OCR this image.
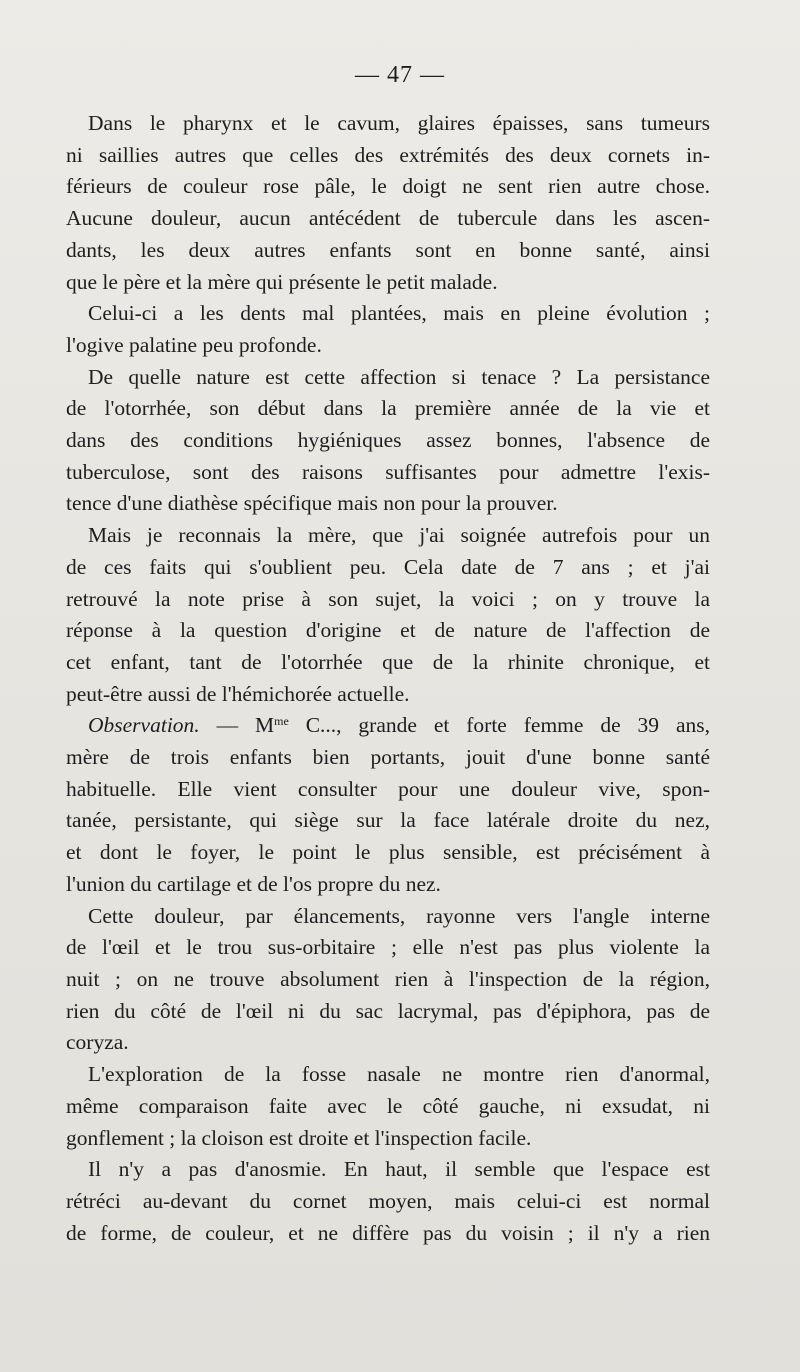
— 47 —
Dans le pharynx et le cavum, glaires épaisses, sans tumeurs
ni saillies autres que celles des extrémités des deux cornets in-
férieurs de couleur rose pâle, le doigt ne sent rien autre chose.
Aucune douleur, aucun antécédent de tubercule dans les ascen-
dants, les deux autres enfants sont en bonne santé, ainsi
que le père et la mère qui présente le petit malade.
Celui-ci a les dents mal plantées, mais en pleine évolution ;
l'ogive palatine peu profonde.
De quelle nature est cette affection si tenace ? La persistance
de l'otorrhée, son début dans la première année de la vie et
dans des conditions hygiéniques assez bonnes, l'absence de
tuberculose, sont des raisons suffisantes pour admettre l'exis-
tence d'une diathèse spécifique mais non pour la prouver.
Mais je reconnais la mère, que j'ai soignée autrefois pour un
de ces faits qui s'oublient peu. Cela date de 7 ans ; et j'ai
retrouvé la note prise à son sujet, la voici ; on y trouve la
réponse à la question d'origine et de nature de l'affection de
cet enfant, tant de l'otorrhée que de la rhinite chronique, et
peut-être aussi de l'hémichorée actuelle.
Observation. — $M^{me}$ C..., grande et forte femme de 39 ans,
mère de trois enfants bien portants, jouit d'une bonne santé
habituelle. Elle vient consulter pour une douleur vive, spon-
tanée, persistante, qui siège sur la face latérale droite du nez,
et dont le foyer, le point le plus sensible, est précisément à
l'union du cartilage et de l'os propre du nez.
Cette douleur, par élancements, rayonne vers l'angle interne
de l'œil et le trou sus-orbitaire ; elle n'est pas plus violente la
nuit ; on ne trouve absolument rien à l'inspection de la région,
rien du côté de l'œil ni du sac lacrymal, pas d'épiphora, pas de
coryza.
L'exploration de la fosse nasale ne montre rien d'anormal,
même comparaison faite avec le côté gauche, ni exsudat, ni
gonflement ; la cloison est droite et l'inspection facile.
Il n'y a pas d'anosmie. En haut, il semble que l'espace est
rétréci au-devant du cornet moyen, mais celui-ci est normal
de forme, de couleur, et ne diffère pas du voisin ; il n'y a rien
